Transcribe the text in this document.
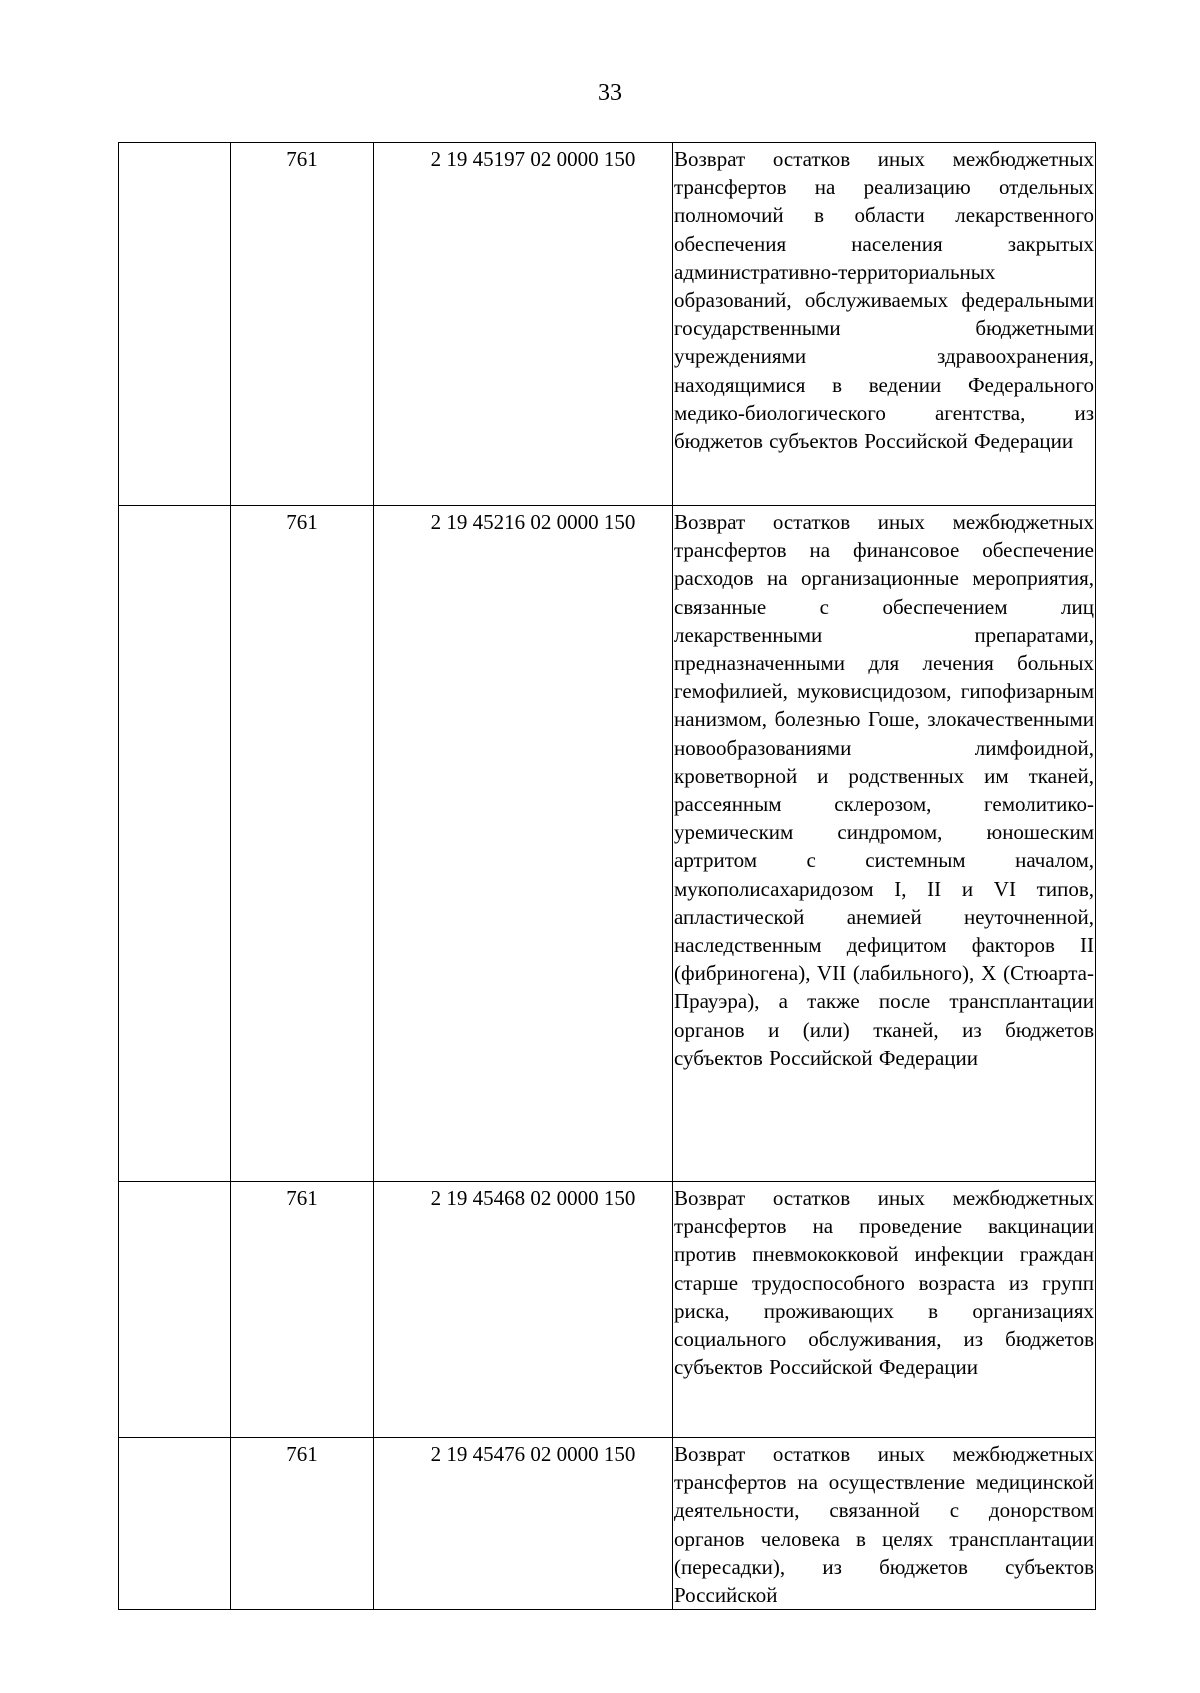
33
	761	2 19 45197 02 0000 150	Возврат остатков иных межбюджетных трансфертов на реализацию отдельных полномочий в области лекарственного обеспечения населения закрытых административно-территориальных образований, обслуживаемых федеральными государственными бюджетными учреждениями здравоохранения, находящимися в ведении Федерального медико-биологического агентства, из бюджетов субъектов Российской Федерации
	761	2 19 45216 02 0000 150	Возврат остатков иных межбюджетных трансфертов на финансовое обеспечение расходов на организационные мероприятия, связанные с обеспечением лиц лекарственными препаратами, предназначенными для лечения больных гемофилией, муковисцидозом, гипофизарным нанизмом, болезнью Гоше, злокачественными новообразованиями лимфоидной, кроветворной и родственных им тканей, рассеянным склерозом, гемолитико-уремическим синдромом, юношеским артритом с системным началом, мукополисахаридозом I, II и VI типов, апластической анемией неуточненной, наследственным дефицитом факторов II (фибриногена), VII (лабильного), X (Стюарта-Прауэра), а также после трансплантации органов и (или) тканей, из бюджетов субъектов Российской Федерации
	761	2 19 45468 02 0000 150	Возврат остатков иных межбюджетных трансфертов на проведение вакцинации против пневмококковой инфекции граждан старше трудоспособного возраста из групп риска, проживающих в организациях социального обслуживания, из бюджетов субъектов Российской Федерации
	761	2 19 45476 02 0000 150	Возврат остатков иных межбюджетных трансфертов на осуществление медицинской деятельности, связанной с донорством органов человека в целях трансплантации (пересадки), из бюджетов субъектов Российской
